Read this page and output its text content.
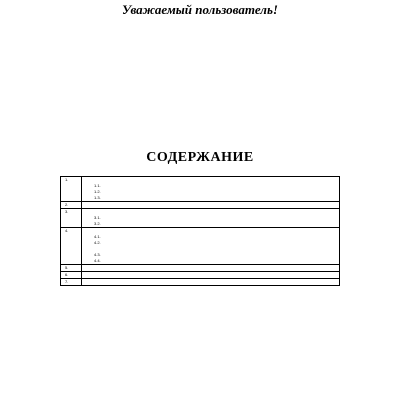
Уважаемый пользователь!

СОДЕРЖАНИЕ
1.		
	1.1.	
	1.2.	
	1.3.	
2.		
3.		
	3.1.	
	3.2.	
4.		
	4.1.	
	4.2.	

	4.3.	
	4.4.	
5.		
6.		
7.		
